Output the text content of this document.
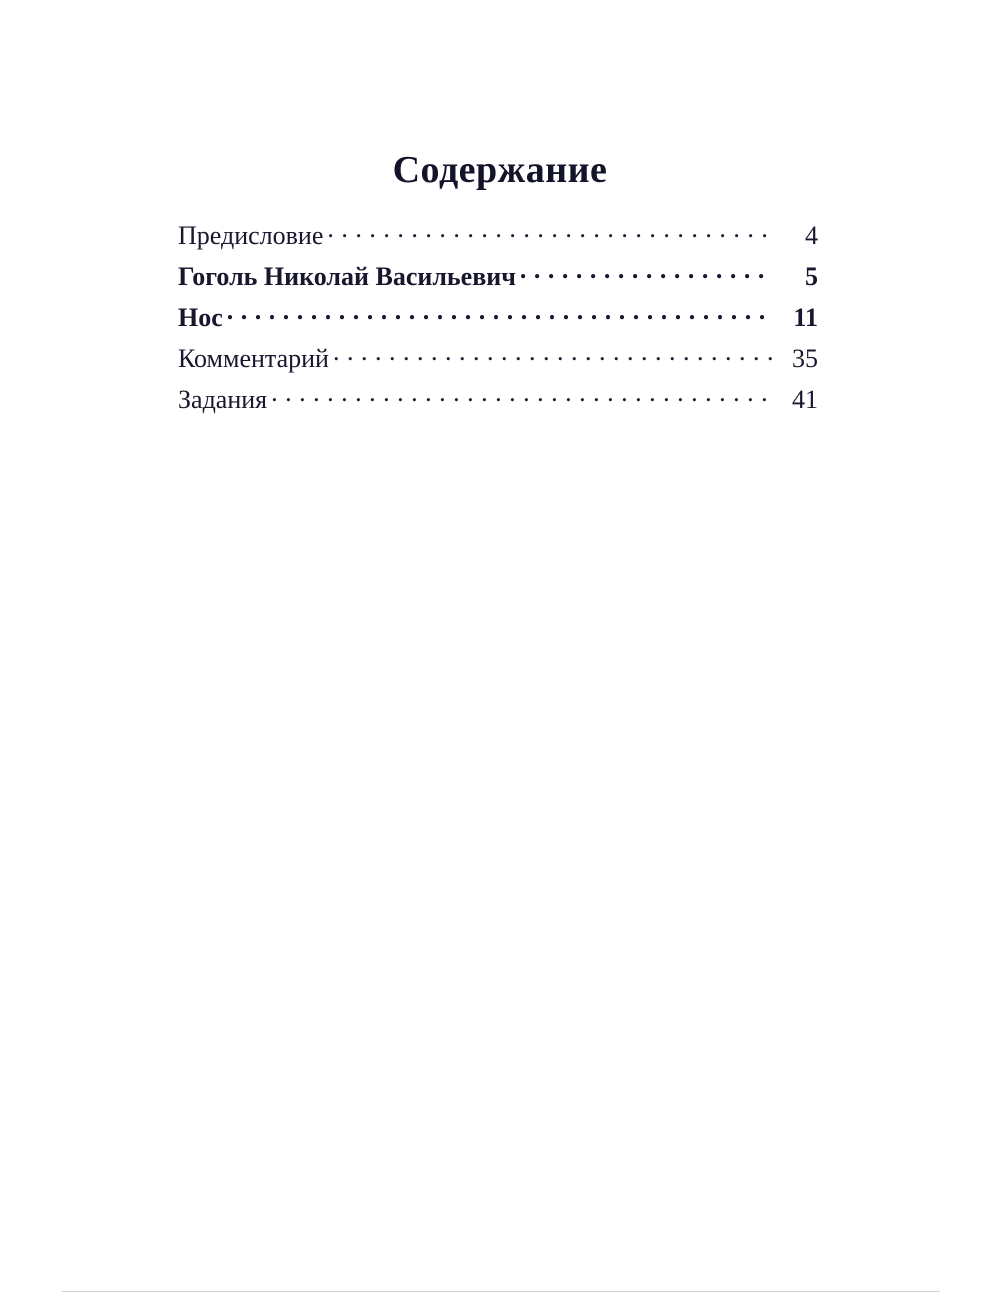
Содержание
Предисловие . . .	4
Гоголь Николай Васильевич . . .	5
Нос . . .	11
Комментарий . . .	35
Задания . . .	41
